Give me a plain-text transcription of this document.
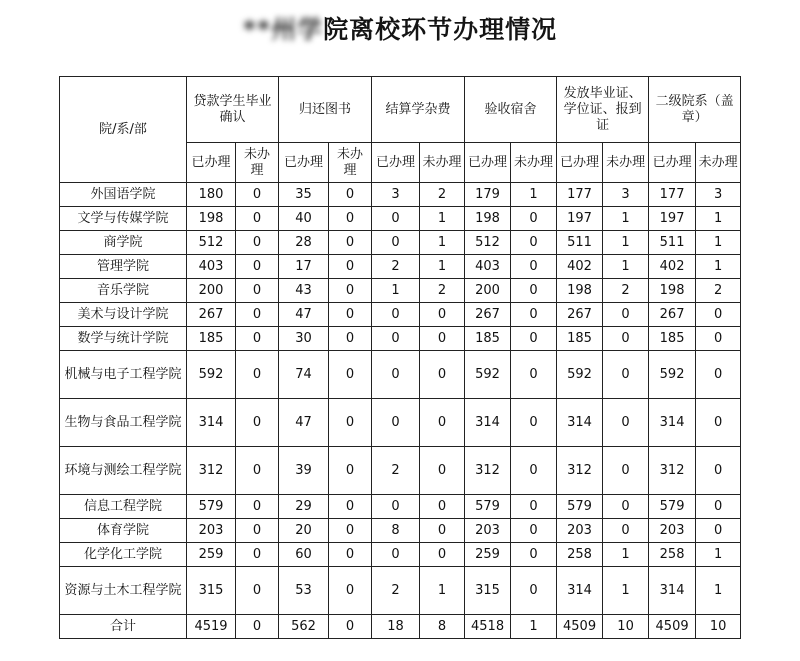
**州学院离校环节办理情况
院/系/部	贷款学生毕业确认		归还图书		结算学杂费		验收宿舍		发放毕业证、学位证、报到证		二级院系（盖章）	
	已办理	未办理	已办理	未办理	已办理	未办理	已办理	未办理	已办理	未办理	已办理	未办理
外国语学院	180	0	35	0	3	2	179	1	177	3	177	3
文学与传媒学院	198	0	40	0	0	1	198	0	197	1	197	1
商学院	512	0	28	0	0	1	512	0	511	1	511	1
管理学院	403	0	17	0	2	1	403	0	402	1	402	1
音乐学院	200	0	43	0	1	2	200	0	198	2	198	2
美术与设计学院	267	0	47	0	0	0	267	0	267	0	267	0
数学与统计学院	185	0	30	0	0	0	185	0	185	0	185	0
机械与电子工程学院	592	0	74	0	0	0	592	0	592	0	592	0
生物与食品工程学院	314	0	47	0	0	0	314	0	314	0	314	0
环境与测绘工程学院	312	0	39	0	2	0	312	0	312	0	312	0
信息工程学院	579	0	29	0	0	0	579	0	579	0	579	0
体育学院	203	0	20	0	8	0	203	0	203	0	203	0
化学化工学院	259	0	60	0	0	0	259	0	258	1	258	1
资源与土木工程学院	315	0	53	0	2	1	315	0	314	1	314	1
合计	4519	0	562	0	18	8	4518	1	4509	10	4509	10
